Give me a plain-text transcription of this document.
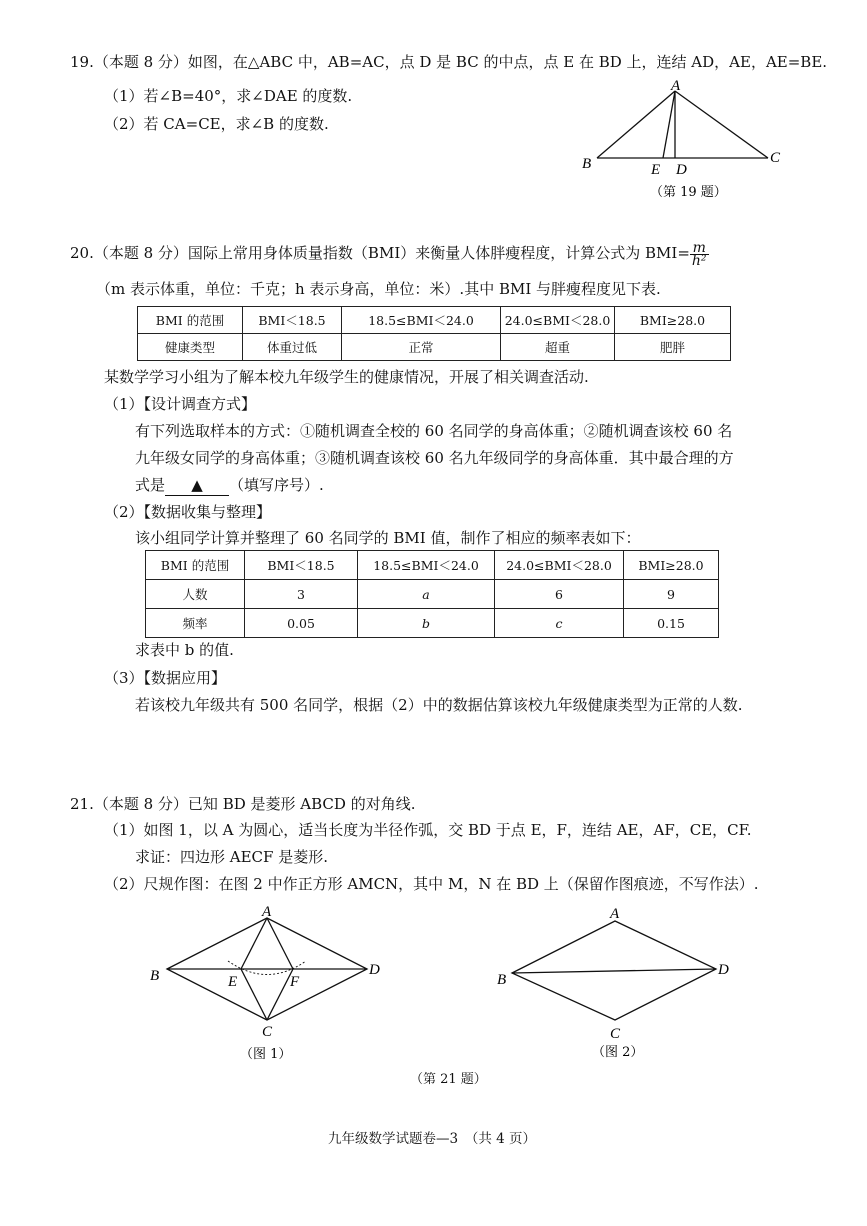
19.（本题 8 分）如图，在△ABC 中，AB=AC，点 D 是 BC 的中点，点 E 在 BD 上，连结 AD，AE，AE=BE.
（1）若∠B=40°，求∠DAE 的度数.
（2）若 CA=CE，求∠B 的度数.
A
B	C
D
E
（第 19 题）
20.（本题 8 分）国际上常用身体质量指数（BMI）来衡量人体胖瘦程度，计算公式为 $BMI= \frac{m}{\text{h²}}$
（m 表示体重，单位：千克；h 表示身高，单位：米）.其中 BMI 与胖瘦程度见下表.
BMI 的范围	BMI＜18.5	18.5≤BMI＜24.0	24.0≤BMI＜28.0	BMI≥28.0
健康类型	体重过低	正常	超重	肥胖
某数学学习小组为了解本校九年级学生的健康情况，开展了相关调查活动.
（1）【设计调查方式】
有下列选取样本的方式：①随机调查全校的 60 名同学的身高体重；②随机调查该校 60 名
九年级女同学的身高体重；③随机调查该校 60 名九年级同学的身高体重．其中最合理的方
式是 ▲ （填写序号）.
（2）【数据收集与整理】
该小组同学计算并整理了 60 名同学的 BMI 值，制作了相应的频率表如下：
BMI 的范围	BMI＜18.5	18.5≤BMI＜24.0	24.0≤BMI＜28.0	BMI≥28.0
人数	3	a	6	9
频率	0.05	b	c	0.15
求表中 b 的值.
（3）【数据应用】
若该校九年级共有 500 名同学，根据（2）中的数据估算该校九年级健康类型为正常的人数.
21.（本题 8 分）已知 BD 是菱形 ABCD 的对角线.
（1）如图 1，以 A 为圆心，适当长度为半径作弧，交 BD 于点 E，F，连结 AE，AF，CE，CF.
求证：四边形 AECF 是菱形.
（2）尺规作图：在图 2 中作正方形 AMCN，其中 M，N 在 BD 上（保留作图痕迹，不写作法）.
A
B
C
D
E	F
（图 1）
A
B
C
D
（图 2）
（第 21 题）
九年级数学试题卷—3　（共 4 页）
